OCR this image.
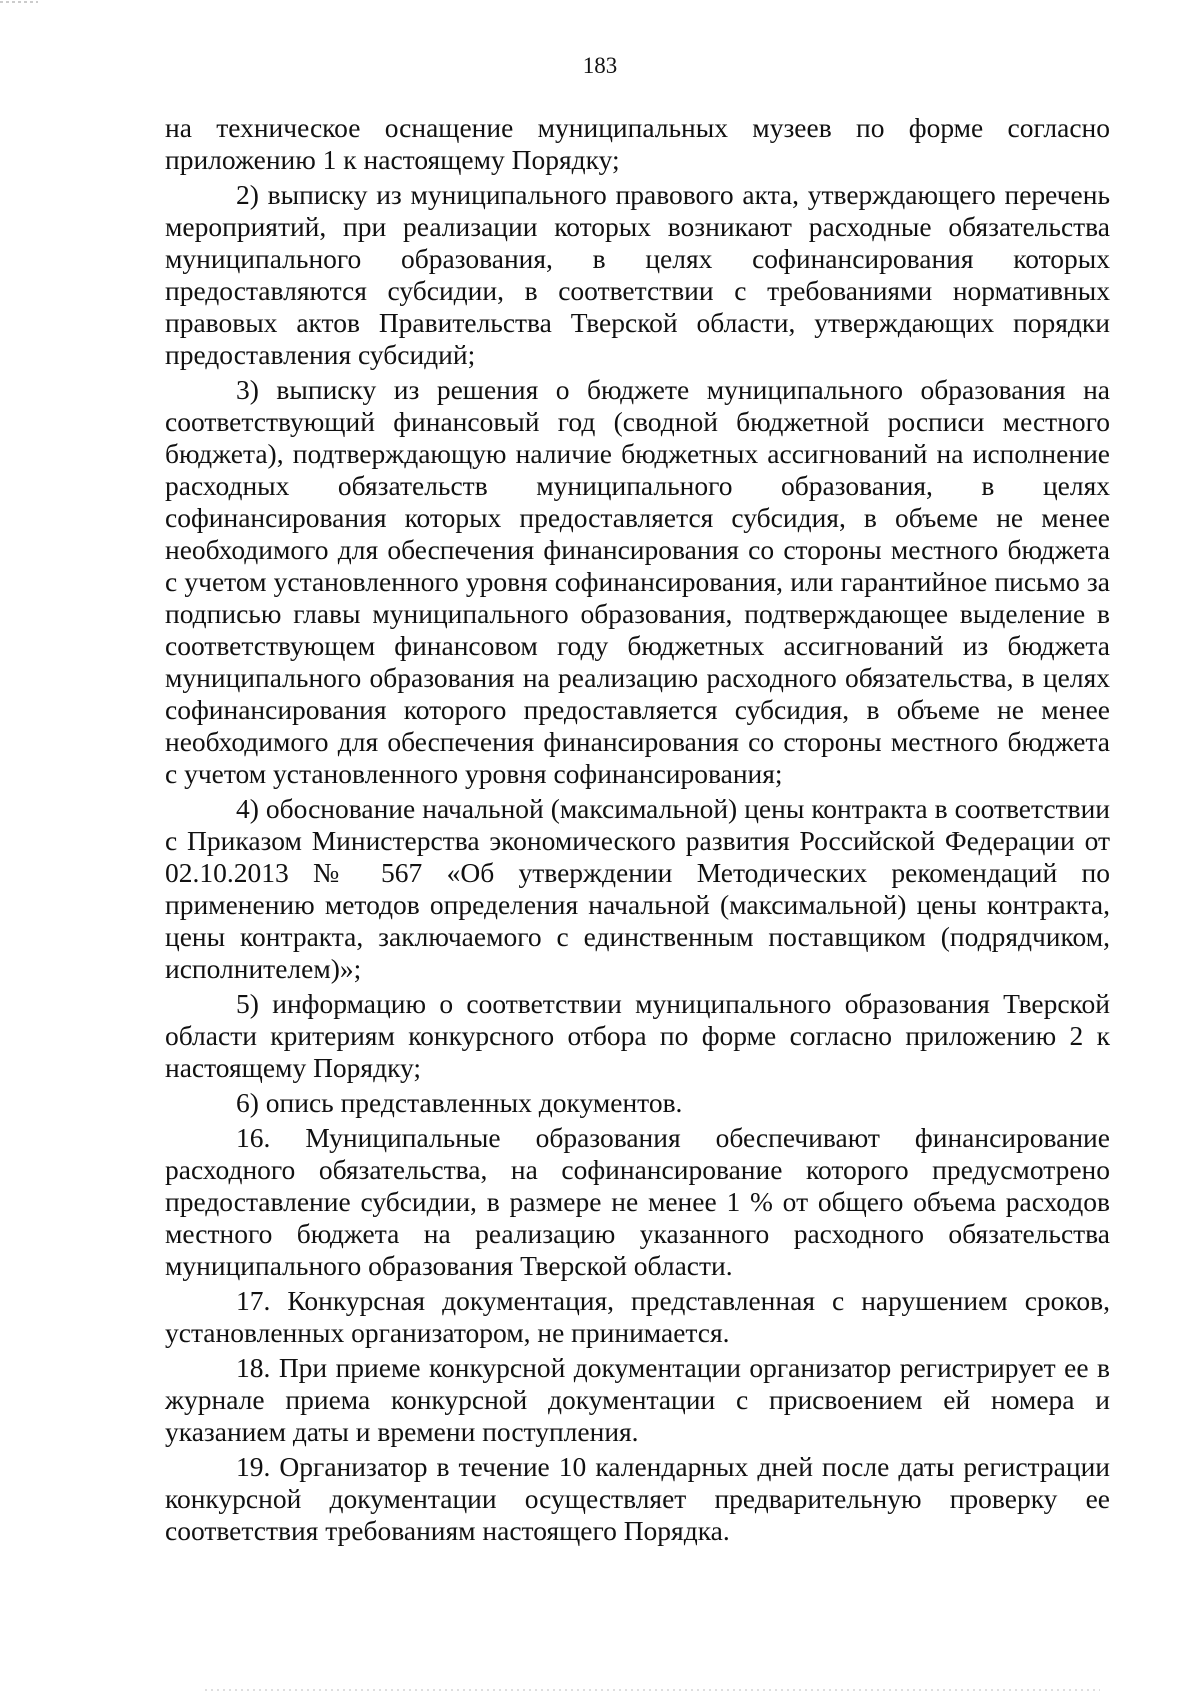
183

на техническое оснащение муниципальных музеев по форме согласно приложению 1 к настоящему Порядку;

2) выписку из муниципального правового акта, утверждающего перечень мероприятий, при реализации которых возникают расходные обязательства муниципального образования, в целях софинансирования которых предоставляются субсидии, в соответствии с требованиями нормативных правовых актов Правительства Тверской области, утверждающих порядки предоставления субсидий;

3) выписку из решения о бюджете муниципального образования на соответствующий финансовый год (сводной бюджетной росписи местного бюджета), подтверждающую наличие бюджетных ассигнований на исполнение расходных обязательств муниципального образования, в целях софинансирования которых предоставляется субсидия, в объеме не менее необходимого для обеспечения финансирования со стороны местного бюджета с учетом установленного уровня софинансирования, или гарантийное письмо за подписью главы муниципального образования, подтверждающее выделение в соответствующем финансовом году бюджетных ассигнований из бюджета муниципального образования на реализацию расходного обязательства, в целях софинансирования которого предоставляется субсидия, в объеме не менее необходимого для обеспечения финансирования со стороны местного бюджета с учетом установленного уровня софинансирования;

4) обоснование начальной (максимальной) цены контракта в соответствии с Приказом Министерства экономического развития Российской Федерации от 02.10.2013 № 567 «Об утверждении Методических рекомендаций по применению методов определения начальной (максимальной) цены контракта, цены контракта, заключаемого с единственным поставщиком (подрядчиком, исполнителем)»;

5) информацию о соответствии муниципального образования Тверской области критериям конкурсного отбора по форме согласно приложению 2 к настоящему Порядку;

6) опись представленных документов.

16. Муниципальные образования обеспечивают финансирование расходного обязательства, на софинансирование которого предусмотрено предоставление субсидии, в размере не менее 1 % от общего объема расходов местного бюджета на реализацию указанного расходного обязательства муниципального образования Тверской области.

17. Конкурсная документация, представленная с нарушением сроков, установленных организатором, не принимается.

18. При приеме конкурсной документации организатор регистрирует ее в журнале приема конкурсной документации с присвоением ей номера и указанием даты и времени поступления.

19. Организатор в течение 10 календарных дней после даты регистрации конкурсной документации осуществляет предварительную проверку ее соответствия требованиям настоящего Порядка.
